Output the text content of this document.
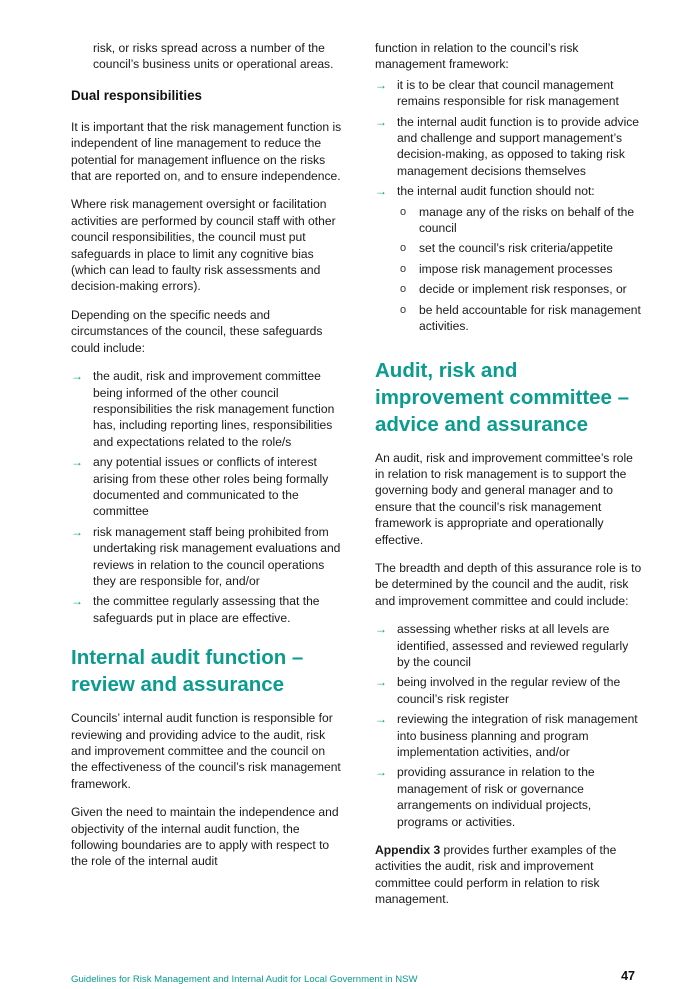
risk, or risks spread across a number of the council’s business units or operational areas.

Dual responsibilities

It is important that the risk management function is independent of line management to reduce the potential for management influence on the risks that are reported on, and to ensure independence.

Where risk management oversight or facilitation activities are performed by council staff with other council responsibilities, the council must put safeguards in place to limit any cognitive bias (which can lead to faulty risk assessments and decision-making errors).

Depending on the specific needs and circumstances of the council, these safeguards could include:

→ the audit, risk and improvement committee being informed of the other council responsibilities the risk management function has, including reporting lines, responsibilities and expectations related to the role/s
→ any potential issues or conflicts of interest arising from these other roles being formally documented and communicated to the committee
→ risk management staff being prohibited from undertaking risk management evaluations and reviews in relation to the council operations they are responsible for, and/or
→ the committee regularly assessing that the safeguards put in place are effective.
Internal audit function – review and assurance

Councils’ internal audit function is responsible for reviewing and providing advice to the audit, risk and improvement committee and the council on the effectiveness of the council’s risk management framework.

Given the need to maintain the independence and objectivity of the internal audit function, the following boundaries are to apply with respect to the role of the internal audit

function in relation to the council’s risk management framework:

→ it is to be clear that council management remains responsible for risk management
→ the internal audit function is to provide advice and challenge and support management’s decision-making, as opposed to taking risk management decisions themselves
→ the internal audit function should not:
o manage any of the risks on behalf of the council
o set the council’s risk criteria/appetite
o impose risk management processes
o decide or implement risk responses, or
o be held accountable for risk management activities.
Audit, risk and improvement committee – advice and assurance

An audit, risk and improvement committee’s role in relation to risk management is to support the governing body and general manager and to ensure that the council’s risk management framework is appropriate and operationally effective.

The breadth and depth of this assurance role is to be determined by the council and the audit, risk and improvement committee and could include:

→ assessing whether risks at all levels are identified, assessed and reviewed regularly by the council
→ being involved in the regular review of the council’s risk register
→ reviewing the integration of risk management into business planning and program implementation activities, and/or
→ providing assurance in relation to the management of risk or governance arrangements on individual projects, programs or activities.

Appendix 3 provides further examples of the activities the audit, risk and improvement committee could perform in relation to risk management.

Guidelines for Risk Management and Internal Audit for Local Government in NSW	47
